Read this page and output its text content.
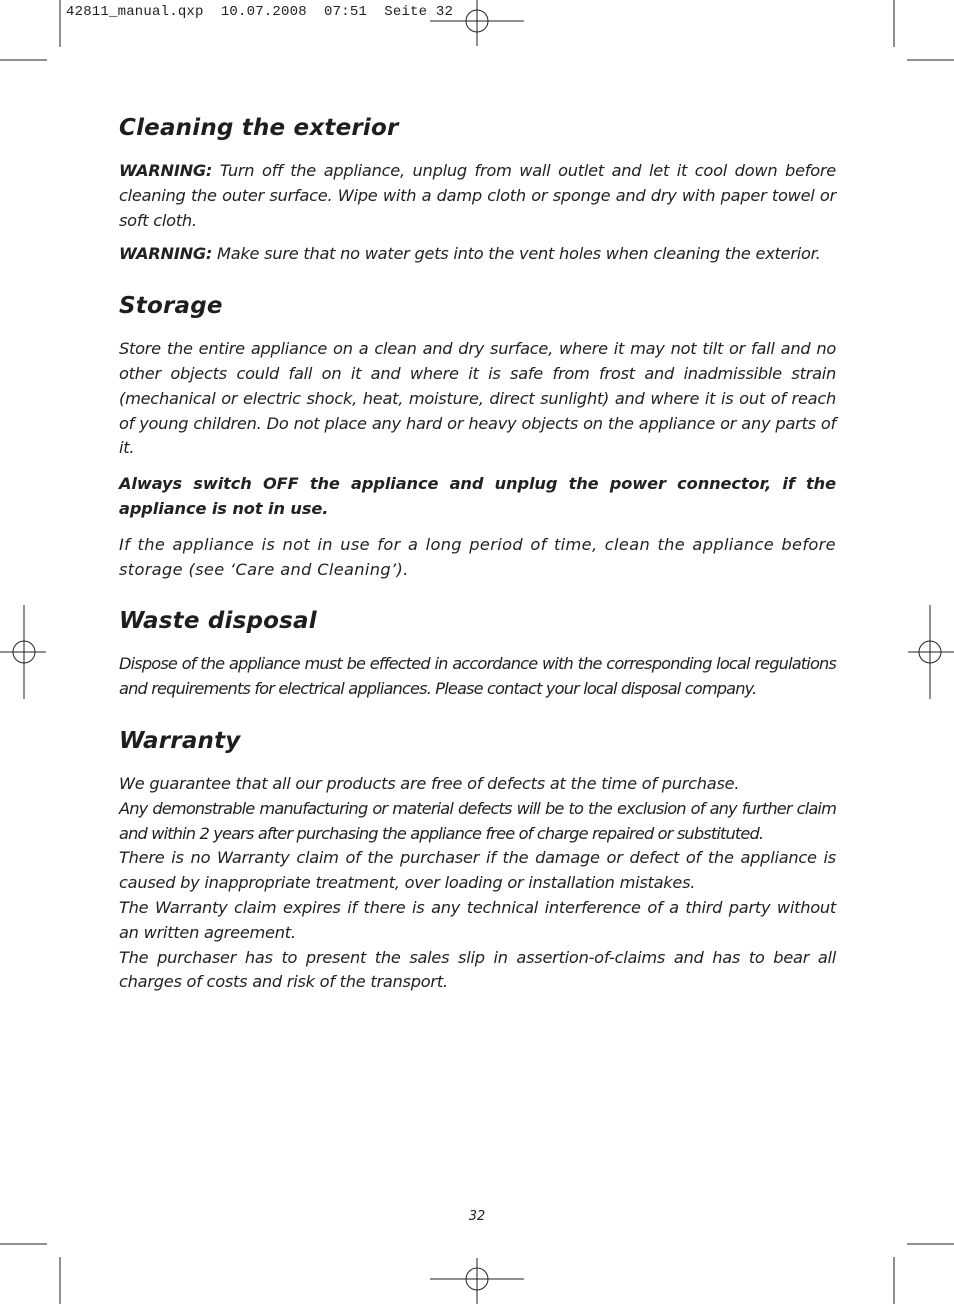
42811_manual.qxp  10.07.2008  07:51  Seite 32
Cleaning the exterior

WARNING: Turn off the appliance, unplug from wall outlet and let it cool down before cleaning the outer surface. Wipe with a damp cloth or sponge and dry with paper towel or soft cloth.

WARNING: Make sure that no water gets into the vent holes when cleaning the exterior.

Storage

Store the entire appliance on a clean and dry surface, where it may not tilt or fall and no other objects could fall on it and where it is safe from frost and inadmissible strain (mechanical or electric shock, heat, moisture, direct sunlight) and where it is out of reach of young children. Do not place any hard or heavy objects on the appliance or any parts of it.

Always switch OFF the appliance and unplug the power connector, if the appliance is not in use.

If the appliance is not in use for a long period of time, clean the appliance before storage (see ‘Care and Cleaning’).

Waste disposal

Dispose of the appliance must be effected in accordance with the corresponding local regulations and requirements for electrical appliances. Please contact your local disposal company.

Warranty

We guarantee that all our products are free of defects at the time of purchase.

Any demonstrable manufacturing or material defects will be to the exclusion of any further claim and within 2 years after purchasing the appliance free of charge repaired or substituted.

There is no Warranty claim of the purchaser if the damage or defect of the appliance is caused by inappropriate treatment, over loading or installation mistakes.

The Warranty claim expires if there is any technical interference of a third party without an written agreement.

The purchaser has to present the sales slip in assertion-of-claims and has to bear all charges of costs and risk of the transport.

32
